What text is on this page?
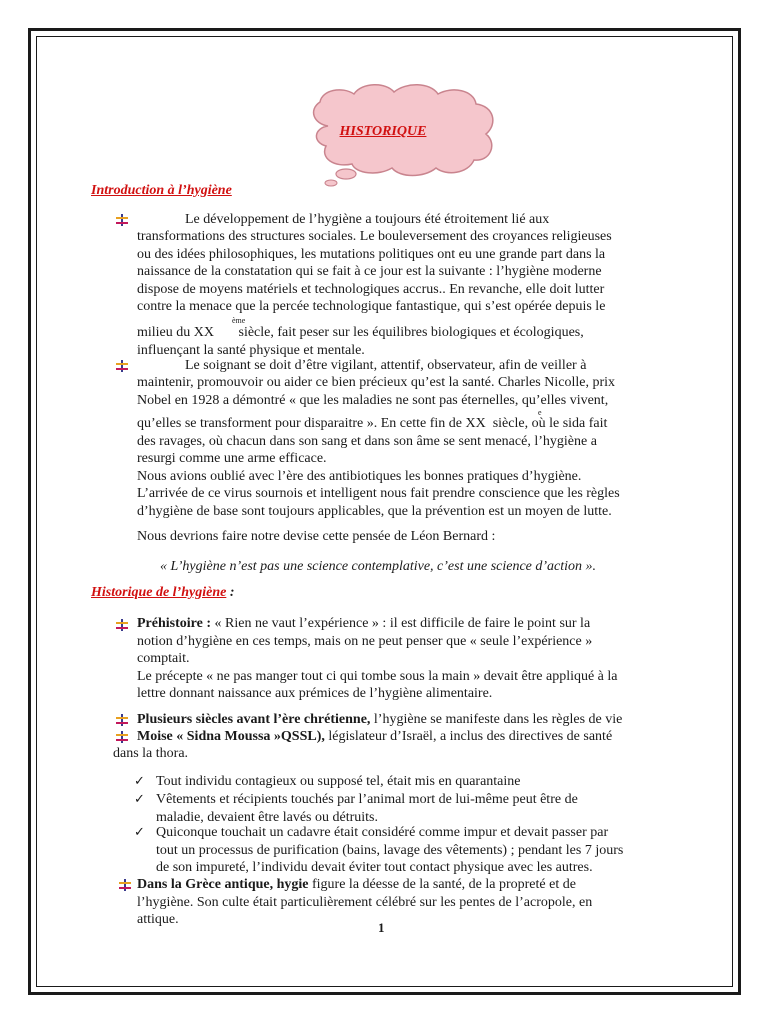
HISTORIQUE
Introduction à l’hygiène
Le développement de l’hygiène a toujours été étroitement lié aux
transformations des structures sociales. Le bouleversement des croyances religieuses
ou des idées philosophiques, les mutations politiques ont eu une grande part dans la
naissance de la constatation qui se fait à ce jour est la suivante : l’hygiène moderne
dispose de moyens matériels et technologiques accrus.. En revanche, elle doit lutter
contre la menace que la percée technologique fantastique, qui s’est opérée depuis le
ème
milieu du XX siècle, fait peser sur les équilibres biologiques et écologiques,
influençant la santé physique et mentale.
Le soignant se doit d’être vigilant, attentif, observateur, afin de veiller à
maintenir, promouvoir ou aider ce bien précieux qu’est la santé. Charles Nicolle, prix
Nobel en 1928 a démontré « que les maladies ne sont pas éternelles, qu’elles vivent,
e
qu’elles se transforment pour disparaitre ». En cette fin de XX siècle, où le sida fait
des ravages, où chacun dans son sang et dans son âme se sent menacé, l’hygiène a
resurgi comme une arme efficace.
Nous avions oublié avec l’ère des antibiotiques les bonnes pratiques d’hygiène.
L’arrivée de ce virus sournois et intelligent nous fait prendre conscience que les règles
d’hygiène de base sont toujours applicables, que la prévention est un moyen de lutte.
Nous devrions faire notre devise cette pensée de Léon Bernard :
« L’hygiène n’est pas une science contemplative, c’est une science d’action ».
Historique de l’hygiène :
Préhistoire : « Rien ne vaut l’expérience » : il est difficile de faire le point sur la
notion d’hygiène en ces temps, mais on ne peut penser que « seule l’expérience »
comptait.
Le précepte « ne pas manger tout ci qui tombe sous la main » devait être appliqué à la
lettre donnant naissance aux prémices de l’hygiène alimentaire.
Plusieurs siècles avant l’ère chrétienne, l’hygiène se manifeste dans les règles de vie
Moise « Sidna Moussa »QSSL), législateur d’Israël, a inclus des directives de santé
dans la thora.
✓ Tout individu contagieux ou supposé tel, était mis en quarantaine
✓ Vêtements et récipients touchés par l’animal mort de lui-même peut être de
maladie, devaient être lavés ou détruits.
✓ Quiconque touchait un cadavre était considéré comme impur et devait passer par
tout un processus de purification (bains, lavage des vêtements) ; pendant les 7 jours
de son impureté, l’individu devait éviter tout contact physique avec les autres.
Dans la Grèce antique, hygie figure la déesse de la santé, de la propreté et de
l’hygiène. Son culte était particulièrement célébré sur les pentes de l’acropole, en
attique.
1
